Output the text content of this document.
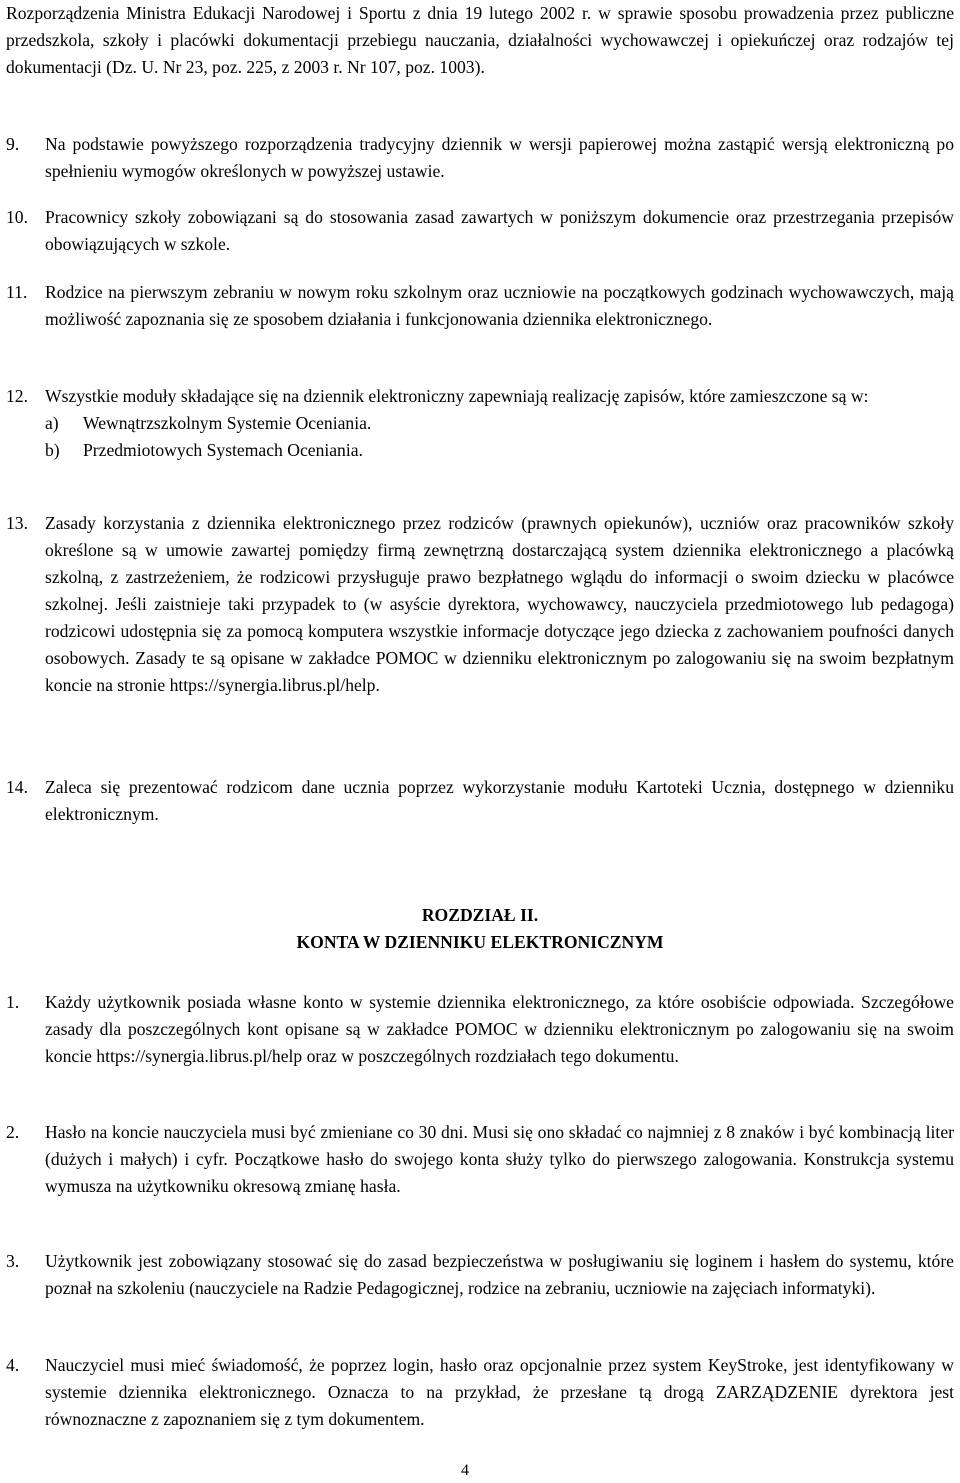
Rozporządzenia Ministra Edukacji Narodowej i Sportu z dnia 19 lutego 2002 r. w sprawie sposobu prowadzenia przez publiczne przedszkola, szkoły i placówki dokumentacji przebiegu nauczania, działalności wychowawczej i opiekuńczej oraz rodzajów tej dokumentacji (Dz. U. Nr 23, poz. 225, z 2003 r. Nr 107, poz. 1003).
9. Na podstawie powyższego rozporządzenia tradycyjny dziennik w wersji papierowej można zastąpić wersją elektroniczną po spełnieniu wymogów określonych w powyższej ustawie.
10. Pracownicy szkoły zobowiązani są do stosowania zasad zawartych w poniższym dokumencie oraz przestrzegania przepisów obowiązujących w szkole.
11. Rodzice na pierwszym zebraniu w nowym roku szkolnym oraz uczniowie na początkowych godzinach wychowawczych, mają możliwość zapoznania się ze sposobem działania i funkcjonowania dziennika elektronicznego.
12. Wszystkie moduły składające się na dziennik elektroniczny zapewniają realizację zapisów, które zamieszczone są w:
a) Wewnątrzszkolnym Systemie Oceniania.
b) Przedmiotowych Systemach Oceniania.
13. Zasady korzystania z dziennika elektronicznego przez rodziców (prawnych opiekunów), uczniów oraz pracowników szkoły określone są w umowie zawartej pomiędzy firmą zewnętrzną dostarczającą system dziennika elektronicznego a placówką szkolną, z zastrzeżeniem, że rodzicowi przysługuje prawo bezpłatnego wglądu do informacji o swoim dziecku w placówce szkolnej. Jeśli zaistnieje taki przypadek to (w asyście dyrektora, wychowawcy, nauczyciela przedmiotowego lub pedagoga) rodzicowi udostępnia się za pomocą komputera wszystkie informacje dotyczące jego dziecka z zachowaniem poufności danych osobowych. Zasady te są opisane w zakładce POMOC w dzienniku elektronicznym po zalogowaniu się na swoim bezpłatnym koncie na stronie https://synergia.librus.pl/help.
14. Zaleca się prezentować rodzicom dane ucznia poprzez wykorzystanie modułu Kartoteki Ucznia, dostępnego w dzienniku elektronicznym.
ROZDZIAŁ II.
KONTA W DZIENNIKU ELEKTRONICZNYM
1. Każdy użytkownik posiada własne konto w systemie dziennika elektronicznego, za które osobiście odpowiada. Szczegółowe zasady dla poszczególnych kont opisane są w zakładce POMOC w dzienniku elektronicznym po zalogowaniu się na swoim koncie https://synergia.librus.pl/help oraz w poszczególnych rozdziałach tego dokumentu.
2. Hasło na koncie nauczyciela musi być zmieniane co 30 dni. Musi się ono składać co najmniej z 8 znaków i być kombinacją liter (dużych i małych) i cyfr. Początkowe hasło do swojego konta służy tylko do pierwszego zalogowania. Konstrukcja systemu wymusza na użytkowniku okresową zmianę hasła.
3. Użytkownik jest zobowiązany stosować się do zasad bezpieczeństwa w posługiwaniu się loginem i hasłem do systemu, które poznał na szkoleniu (nauczyciele na Radzie Pedagogicznej, rodzice na zebraniu, uczniowie na zajęciach informatyki).
4. Nauczyciel musi mieć świadomość, że poprzez login, hasło oraz opcjonalnie przez system KeyStroke, jest identyfikowany w systemie dziennika elektronicznego. Oznacza to na przykład, że przesłane tą drogą ZARZĄDZENIE dyrektora jest równoznaczne z zapoznaniem się z tym dokumentem.
4
